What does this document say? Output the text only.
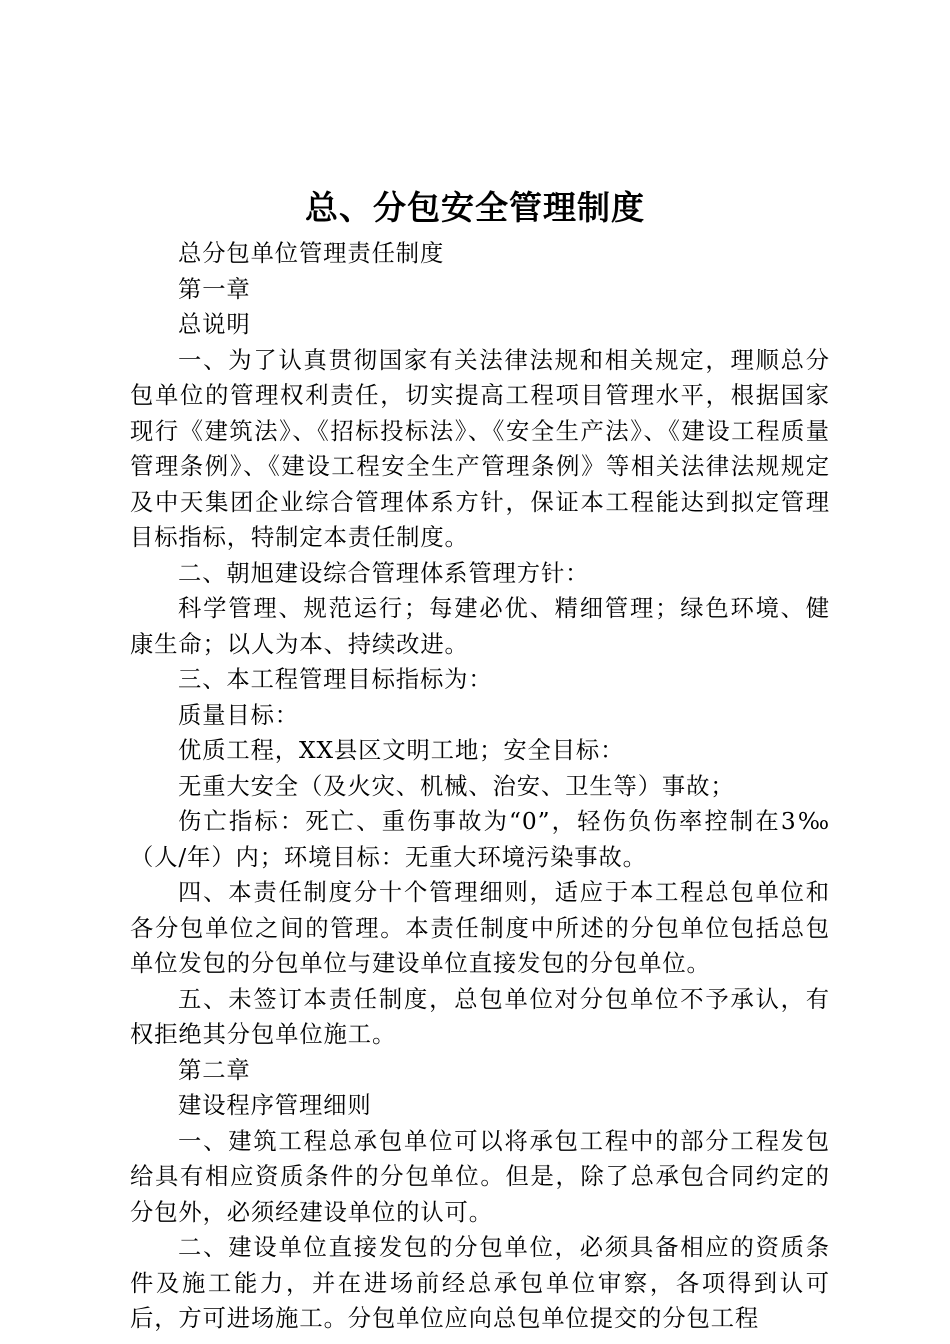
总、分包安全管理制度

总分包单位管理责任制度

第一章

总说明

一、为了认真贯彻国家有关法律法规和相关规定，理顺总分包单位的管理权利责任，切实提高工程项目管理水平，根据国家现行《建筑法》、《招标投标法》、《安全生产法》、《建设工程质量管理条例》、《建设工程安全生产管理条例》等相关法律法规规定及中天集团企业综合管理体系方针，保证本工程能达到拟定管理目标指标，特制定本责任制度。

二、朝旭建设综合管理体系管理方针：

科学管理、规范运行；每建必优、精细管理；绿色环境、健康生命；以人为本、持续改进。

三、本工程管理目标指标为：

质量目标：

优质工程，XX县区文明工地；安全目标：

无重大安全（及火灾、机械、治安、卫生等）事故；

伤亡指标：死亡、重伤事故为“0”，轻伤负伤率控制在3‰（人/年）内；环境目标：无重大环境污染事故。

四、本责任制度分十个管理细则，适应于本工程总包单位和各分包单位之间的管理。本责任制度中所述的分包单位包括总包单位发包的分包单位与建设单位直接发包的分包单位。

五、未签订本责任制度，总包单位对分包单位不予承认，有权拒绝其分包单位施工。

第二章

建设程序管理细则

一、建筑工程总承包单位可以将承包工程中的部分工程发包给具有相应资质条件的分包单位。但是，除了总承包合同约定的分包外，必须经建设单位的认可。

二、建设单位直接发包的分包单位，必须具备相应的资质条件及施工能力，并在进场前经总承包单位审察，各项得到认可后，方可进场施工。分包单位应向总包单位提交的分包工程
